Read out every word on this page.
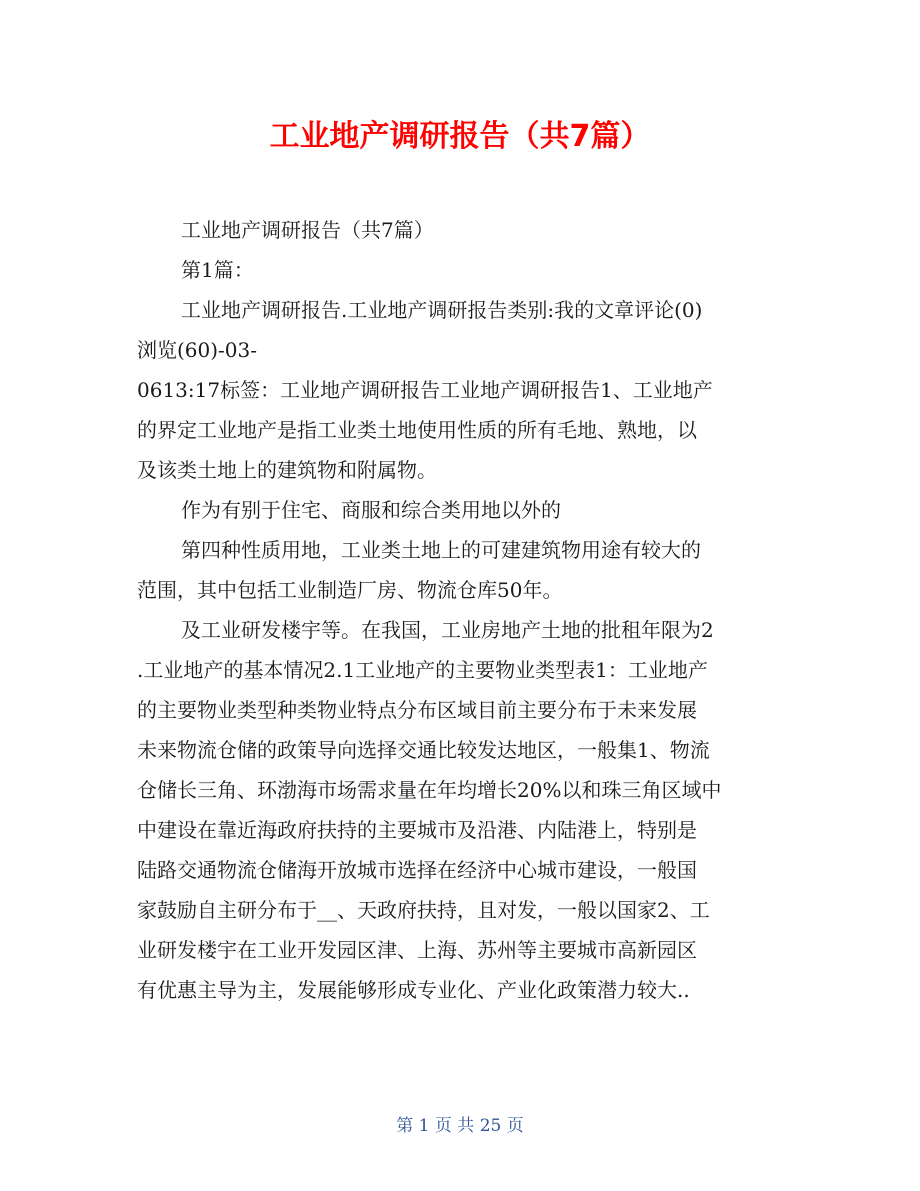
工业地产调研报告（共7篇）

工业地产调研报告（共7篇）

第1篇：

工业地产调研报告.工业地产调研报告类别:我的文章评论(0)
浏览(60)-03-

0613:17标签：工业地产调研报告工业地产调研报告1、工业地产
的界定工业地产是指工业类土地使用性质的所有毛地、熟地，以
及该类土地上的建筑物和附属物。

作为有别于住宅、商服和综合类用地以外的

第四种性质用地，工业类土地上的可建建筑物用途有较大的
范围，其中包括工业制造厂房、物流仓库50年。

及工业研发楼宇等。在我国，工业房地产土地的批租年限为2
.工业地产的基本情况2.1工业地产的主要物业类型表1：工业地产
的主要物业类型种类物业特点分布区域目前主要分布于未来发展
未来物流仓储的政策导向选择交通比较发达地区，一般集1、物流
仓储长三角、环渤海市场需求量在年均增长20%以和珠三角区域中
中建设在靠近海政府扶持的主要城市及沿港、内陆港上，特别是
陆路交通物流仓储海开放城市选择在经济中心城市建设，一般国
家鼓励自主研分布于__、天政府扶持，且对发，一般以国家2、工
业研发楼宇在工业开发园区津、上海、苏州等主要城市高新园区
有优惠主导为主，发展能够形成专业化、产业化政策潜力较大..

第 1 页 共 25 页
